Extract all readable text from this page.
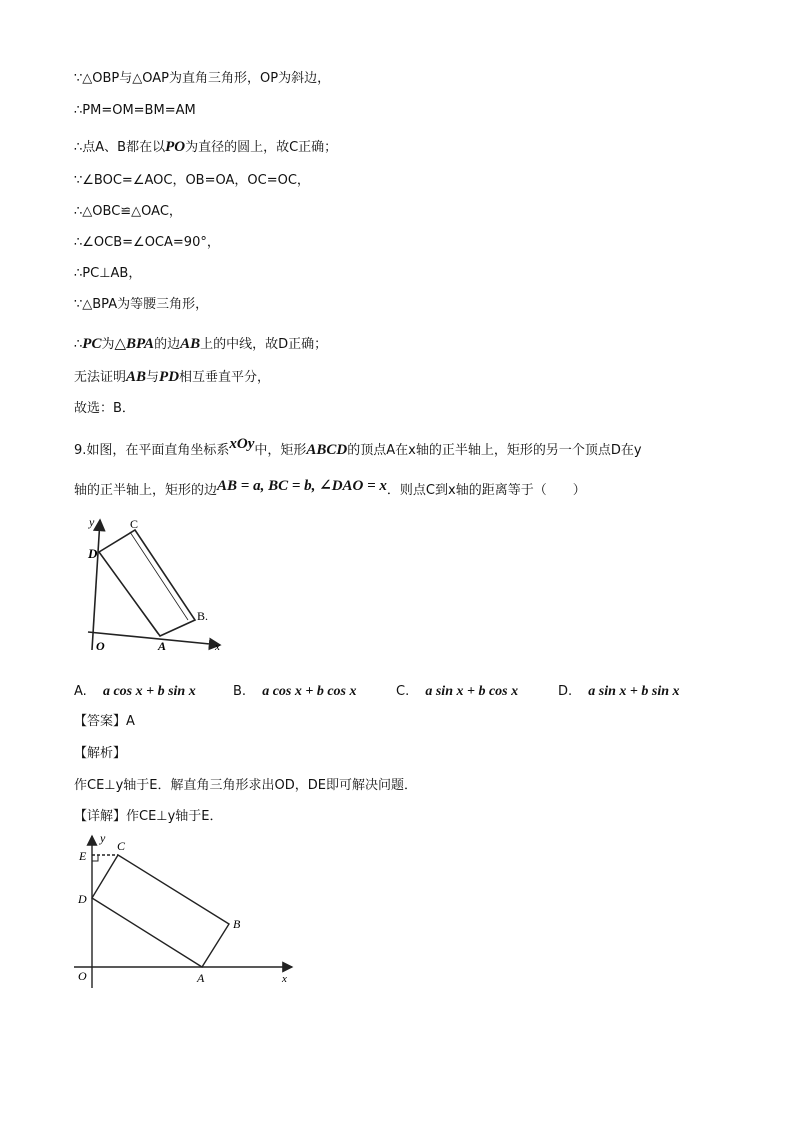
∵△OBP与△OAP为直角三角形，OP为斜边，
∴PM=OM=BM=AM
∴点A、B都在以PO为直径的圆上，故C正确；
∵∠BOC=∠AOC，OB=OA，OC=OC，
∴△OBC≌△OAC，
∴∠OCB=∠OCA=90°，
∴PC⊥AB，
∵△BPA为等腰三角形，
∴PC为△BPA的边AB上的中线，故D正确；
无法证明AB与PD相互垂直平分，
故选：B．
9.如图，在平面直角坐标系xOy中，矩形ABCD的顶点A在x轴的正半轴上，矩形的另一个顶点D在y
轴的正半轴上，矩形的边AB = a, BC = b, ∠DAO = x．则点C到x轴的距离等于（　　）
y	C
D
B.
O	A	x
A. a cos x + b sin x	B. a cos x + b cos x	C. a sin x + b cos x	D. a sin x + b sin x
【答案】A
【解析】
作CE⊥y轴于E．解直角三角形求出OD，DE即可解决问题．
【详解】作CE⊥y轴于E．
y
E
C
D
B
O	A	x
